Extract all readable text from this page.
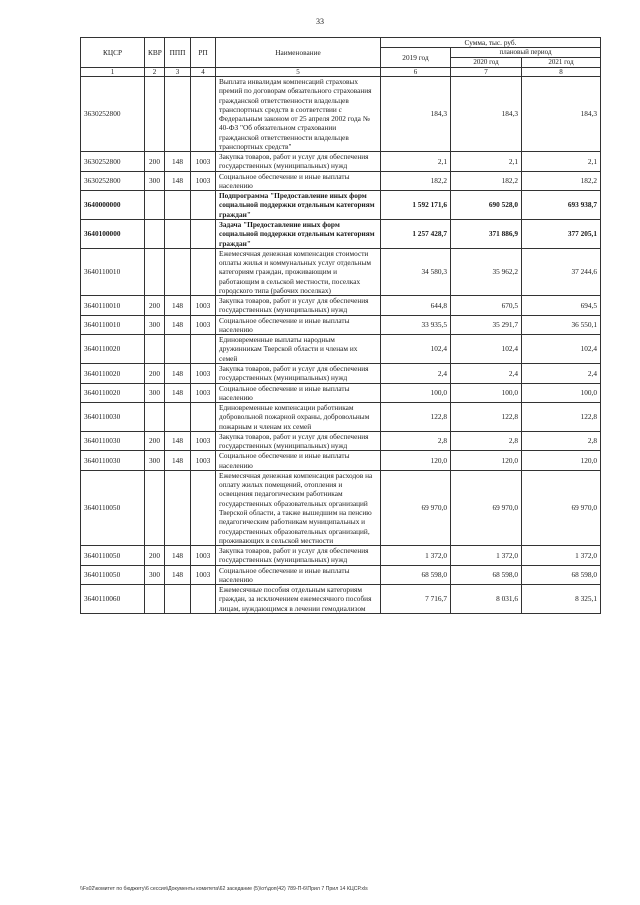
33
КЦСР	КВР	ППП	РП	Наименование	Сумма, тыс. руб.		
					2019 год	плановый период	
						2020 год	2021 год
1	2	3	4	5	6	7	8
3630252800				Выплата инвалидам компенсаций страховых премий по договорам обязательного страхования гражданской ответственности владельцев транспортных средств в соответствии с Федеральным законом от 25 апреля 2002 года № 40-ФЗ "Об обязательном страховании гражданской ответственности владельцев транспортных средств"	184,3	184,3	184,3
3630252800	200	148	1003	Закупка товаров, работ и услуг для обеспечения государственных (муниципальных) нужд	2,1	2,1	2,1
3630252800	300	148	1003	Социальное обеспечение и иные выплаты населению	182,2	182,2	182,2
3640000000				Подпрограмма "Предоставление иных форм социальной поддержки отдельным категориям граждан"	1 592 171,6	690 528,0	693 938,7
3640100000				Задача "Предоставление иных форм социальной поддержки отдельным категориям граждан"	1 257 428,7	371 886,9	377 205,1
3640110010				Ежемесячная денежная компенсация стоимости оплаты жилья и коммунальных услуг отдельным категориям граждан, проживающим и работающим в сельской местности, поселках городского типа (рабочих поселках)	34 580,3	35 962,2	37 244,6
3640110010	200	148	1003	Закупка товаров, работ и услуг для обеспечения государственных (муниципальных) нужд	644,8	670,5	694,5
3640110010	300	148	1003	Социальное обеспечение и иные выплаты населению	33 935,5	35 291,7	36 550,1
3640110020				Единовременные выплаты народным дружинникам Тверской области и членам их семей	102,4	102,4	102,4
3640110020	200	148	1003	Закупка товаров, работ и услуг для обеспечения государственных (муниципальных) нужд	2,4	2,4	2,4
3640110020	300	148	1003	Социальное обеспечение и иные выплаты населению	100,0	100,0	100,0
3640110030				Единовременные компенсации работникам добровольной пожарной охраны, добровольным пожарным и членам их семей	122,8	122,8	122,8
3640110030	200	148	1003	Закупка товаров, работ и услуг для обеспечения государственных (муниципальных) нужд	2,8	2,8	2,8
3640110030	300	148	1003	Социальное обеспечение и иные выплаты населению	120,0	120,0	120,0
3640110050				Ежемесячная денежная компенсация расходов на оплату жилых помещений, отопления и освещения педагогическим работникам государственных образовательных организаций Тверской области, а также вышедшим на пенсию педагогическим работникам муниципальных и государственных образовательных организаций, проживающих в сельской местности	69 970,0	69 970,0	69 970,0
3640110050	200	148	1003	Закупка товаров, работ и услуг для обеспечения государственных (муниципальных) нужд	1 372,0	1 372,0	1 372,0
3640110050	300	148	1003	Социальное обеспечение и иные выплаты населению	68 598,0	68 598,0	68 598,0
3640110060				Ежемесячные пособия отдельным категориям граждан, за исключением ежемесячного пособия лицам, нуждающимся в лечении гемодиализом	7 716,7	8 031,6	8 325,1
\\Fs02\комитет по бюджету\6 сессия\Документы комитета\62 заседание (5)\от\доп(42) 789-П-6\Прил 7 Прил 14 КЦСР.xls
